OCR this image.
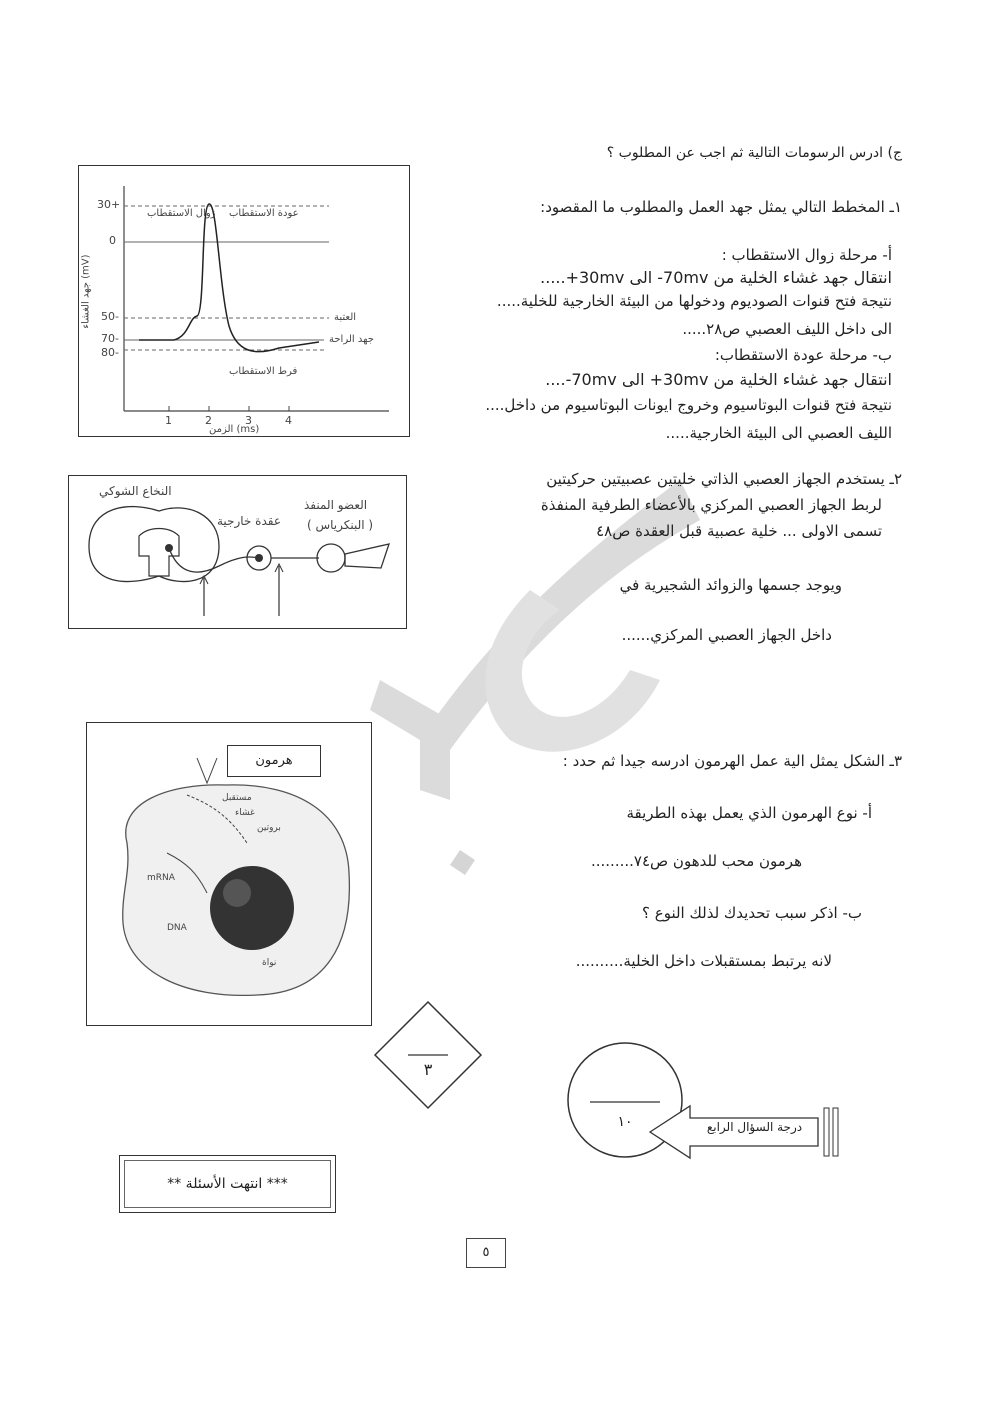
ج) ادرس الرسومات التالية ثم اجب عن المطلوب ؟
١ـ المخطط التالي يمثل جهد العمل والمطلوب ما المقصود:
أ- مرحلة زوال الاستقطاب :
انتقال جهد غشاء الخلية من 70mv- الى 30mv+.....
نتيجة فتح قنوات الصوديوم ودخولها من البيئة الخارجية للخلية.....
الى داخل الليف العصبي ص٢٨.....
ب- مرحلة عودة الاستقطاب:
انتقال جهد غشاء الخلية من 30mv+ الى 70mv-....
نتيجة فتح قنوات البوتاسيوم وخروج ايونات البوتاسيوم من داخل....
الليف العصبي الى البيئة الخارجية.....
٢ـ يستخدم الجهاز العصبي الذاتي خليتين عصبيتين حركيتين
لربط الجهاز العصبي المركزي بالأعضاء الطرفية المنفذة
تسمى الاولى ... خلية عصبية قبل العقدة ص٤٨
ويوجد جسمها والزوائد الشجيرية في
داخل الجهاز العصبي المركزي......
٣ـ الشكل يمثل الية عمل الهرمون ادرسه جيدا ثم حدد :
أ- نوع الهرمون الذي يعمل بهذه الطريقة
هرمون محب للدهون ص٧٤.........
ب- اذكر سبب تحديدك لذلك النوع ؟
لانه يرتبط بمستقبلات داخل الخلية..........
+30
0
-50
-70
-80
1	2	3	4
(ms) الزمن
(mV) جهد الغشاء
زوال الاستقطاب عودة الاستقطاب
العتبة
جهد الراحة
فرط الاستقطاب
النخاع الشوكي
عقدة خارجية
العضو المنفذ
( البنكرياس )
هرمون
مستقبل
غشاء
بروتين
نواة
mRNA
DNA
٣
١٠	درجة السؤال الرابع
*** انتهت الأسئلة **
٥
